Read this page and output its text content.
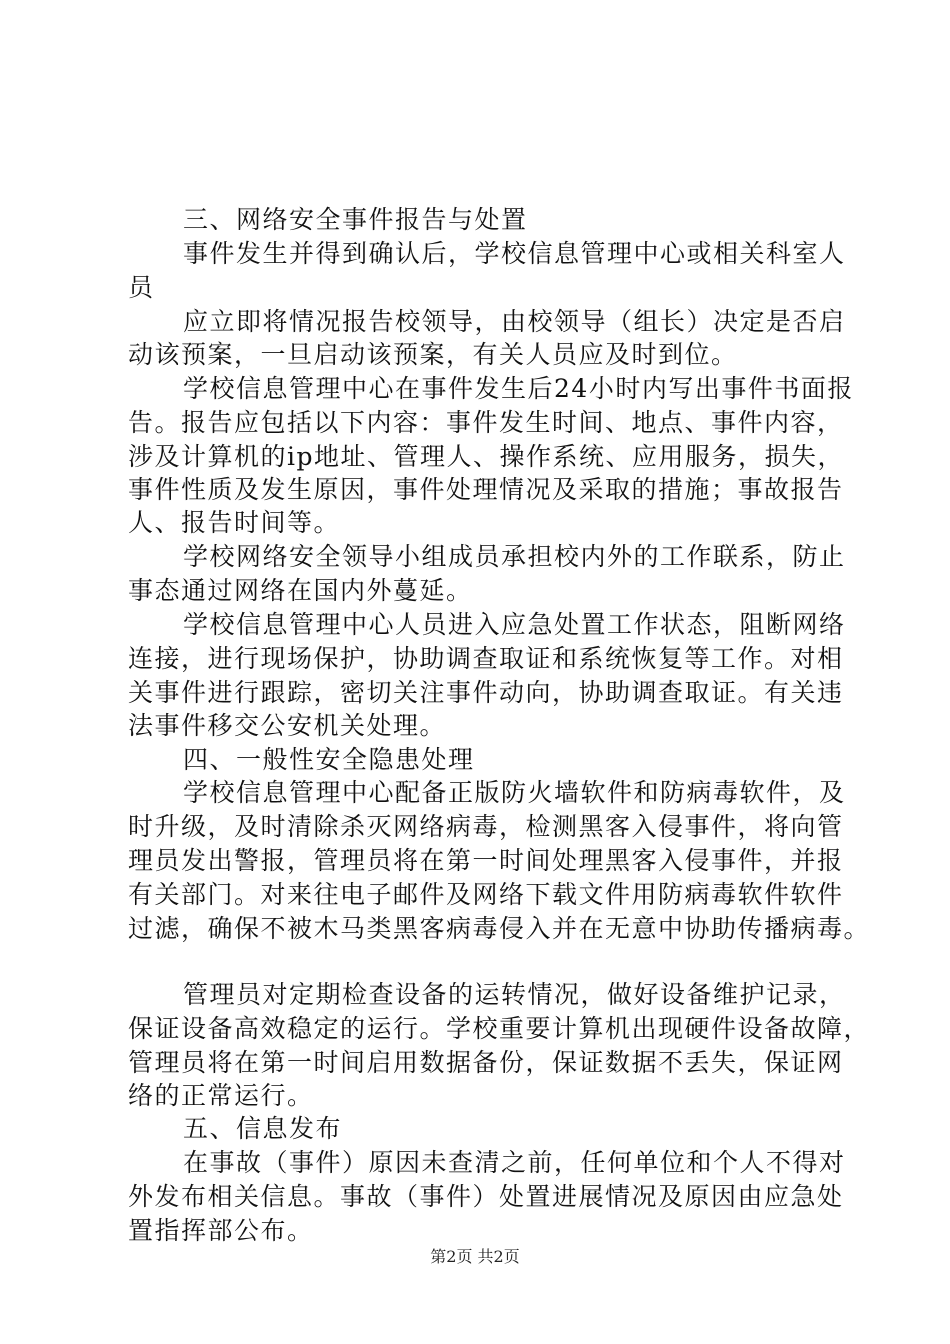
三、网络安全事件报告与处置
事件发生并得到确认后，学校信息管理中心或相关科室人
员
应立即将情况报告校领导，由校领导（组长）决定是否启
动该预案，一旦启动该预案，有关人员应及时到位。
学校信息管理中心在事件发生后24小时内写出事件书面报
告。报告应包括以下内容：事件发生时间、地点、事件内容，
涉及计算机的ip地址、管理人、操作系统、应用服务，损失，
事件性质及发生原因，事件处理情况及采取的措施；事故报告
人、报告时间等。
学校网络安全领导小组成员承担校内外的工作联系，防止
事态通过网络在国内外蔓延。
学校信息管理中心人员进入应急处置工作状态，阻断网络
连接，进行现场保护，协助调查取证和系统恢复等工作。对相
关事件进行跟踪，密切关注事件动向，协助调查取证。有关违
法事件移交公安机关处理。
四、一般性安全隐患处理
学校信息管理中心配备正版防火墙软件和防病毒软件，及
时升级，及时清除杀灭网络病毒，检测黑客入侵事件，将向管
理员发出警报，管理员将在第一时间处理黑客入侵事件，并报
有关部门。对来往电子邮件及网络下载文件用防病毒软件软件
过滤，确保不被木马类黑客病毒侵入并在无意中协助传播病毒。
管理员对定期检查设备的运转情况，做好设备维护记录，
保证设备高效稳定的运行。学校重要计算机出现硬件设备故障，
管理员将在第一时间启用数据备份，保证数据不丢失，保证网
络的正常运行。
五、信息发布
在事故（事件）原因未查清之前，任何单位和个人不得对
外发布相关信息。事故（事件）处置进展情况及原因由应急处
置指挥部公布。
第2页 共2页
